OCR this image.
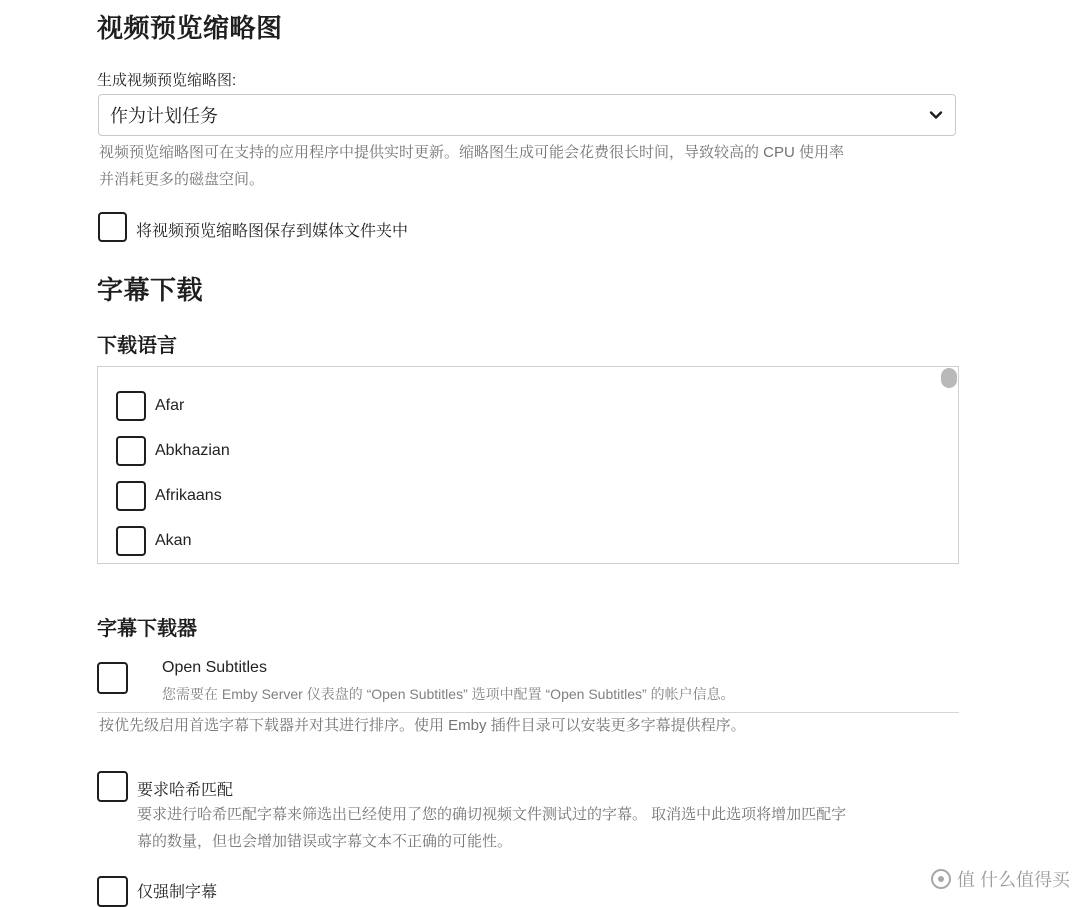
视频预览缩略图
生成视频预览缩略图:
作为计划任务
视频预览缩略图可在支持的应用程序中提供实时更新。缩略图生成可能会花费很长时间，导致较高的 CPU 使用率
并消耗更多的磁盘空间。
将视频预览缩略图保存到媒体文件夹中
字幕下载
下载语言
Afar
Abkhazian
Afrikaans
Akan
字幕下载器
Open Subtitles
您需要在 Emby Server 仪表盘的 “Open Subtitles” 选项中配置 “Open Subtitles” 的帐户信息。
按优先级启用首选字幕下载器并对其进行排序。使用 Emby 插件目录可以安装更多字幕提供程序。
要求哈希匹配
要求进行哈希匹配字幕来筛选出已经使用了您的确切视频文件测试过的字幕。 取消选中此选项将增加匹配字
幕的数量，但也会增加错误或字幕文本不正确的可能性。
仅强制字幕
值 什么值得买
